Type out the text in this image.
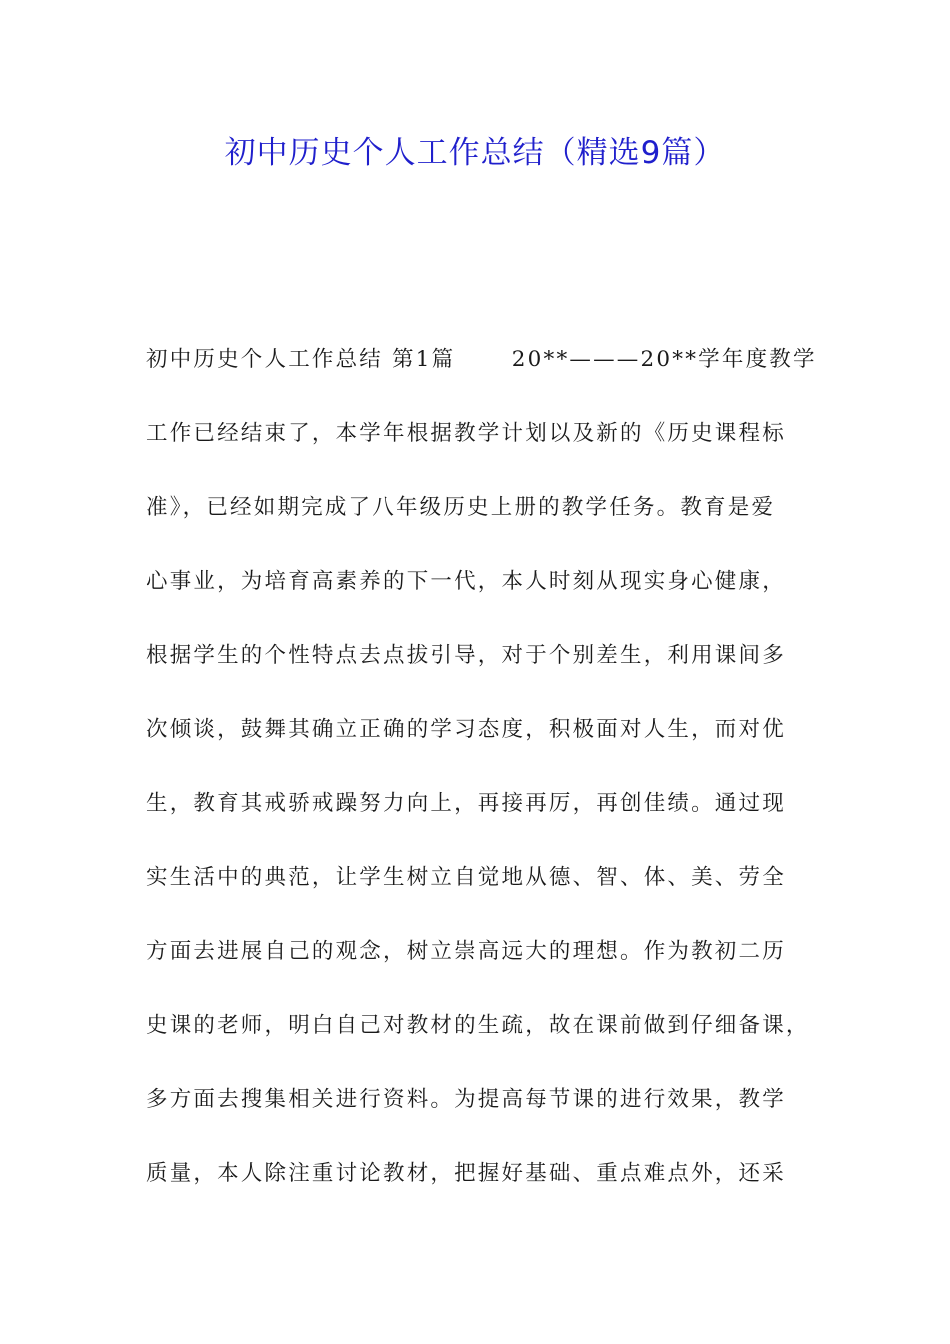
初中历史个人工作总结（精选9篇）
初中历史个人工作总结 第1篇　　 20**———20**学年度教学
工作已经结束了，本学年根据教学计划以及新的《历史课程标
准》，已经如期完成了八年级历史上册的教学任务。教育是爱
心事业，为培育高素养的下一代，本人时刻从现实身心健康，
根据学生的个性特点去点拔引导，对于个别差生，利用课间多
次倾谈，鼓舞其确立正确的学习态度，积极面对人生，而对优
生，教育其戒骄戒躁努力向上，再接再厉，再创佳绩。通过现
实生活中的典范，让学生树立自觉地从德、智、体、美、劳全
方面去进展自己的观念，树立崇高远大的理想。作为教初二历
史课的老师，明白自己对教材的生疏，故在课前做到仔细备课，
多方面去搜集相关进行资料。为提高每节课的进行效果，教学
质量，本人除注重讨论教材，把握好基础、重点难点外，还采
